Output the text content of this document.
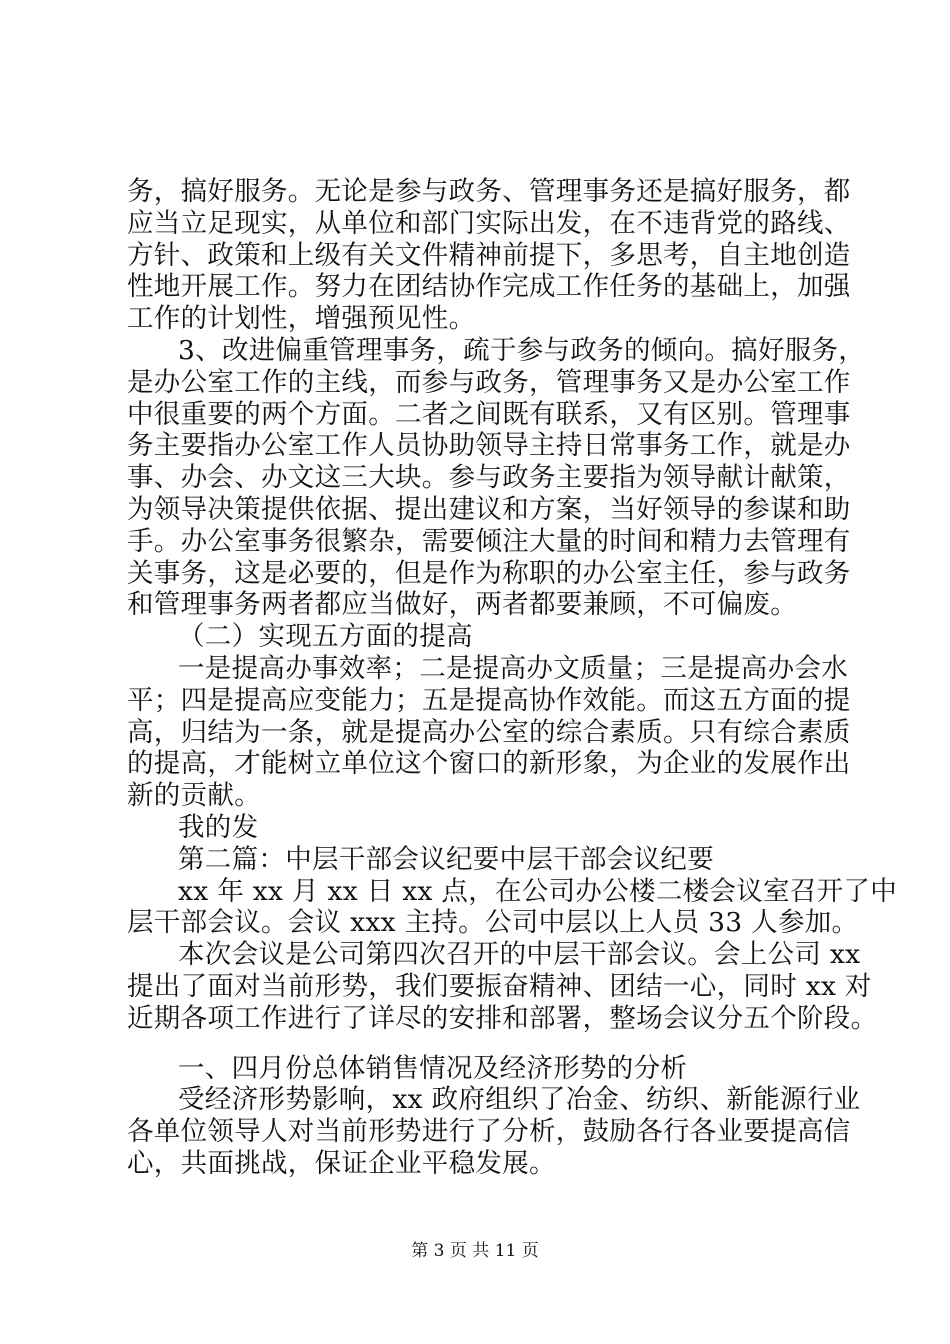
务，搞好服务。无论是参与政务、管理事务还是搞好服务，都
应当立足现实，从单位和部门实际出发，在不违背党的路线、
方针、政策和上级有关文件精神前提下，多思考，自主地创造
性地开展工作。努力在团结协作完成工作任务的基础上，加强
工作的计划性，增强预见性。
3、改进偏重管理事务，疏于参与政务的倾向。搞好服务，
是办公室工作的主线，而参与政务，管理事务又是办公室工作
中很重要的两个方面。二者之间既有联系，又有区别。管理事
务主要指办公室工作人员协助领导主持日常事务工作，就是办
事、办会、办文这三大块。参与政务主要指为领导献计献策，
为领导决策提供依据、提出建议和方案，当好领导的参谋和助
手。办公室事务很繁杂，需要倾注大量的时间和精力去管理有
关事务，这是必要的，但是作为称职的办公室主任，参与政务
和管理事务两者都应当做好，两者都要兼顾，不可偏废。
（二）实现五方面的提高
一是提高办事效率；二是提高办文质量；三是提高办会水
平；四是提高应变能力；五是提高协作效能。而这五方面的提
高，归结为一条，就是提高办公室的综合素质。只有综合素质
的提高，才能树立单位这个窗口的新形象，为企业的发展作出
新的贡献。
我的发
第二篇：中层干部会议纪要中层干部会议纪要
xx 年 xx 月 xx 日 xx 点，在公司办公楼二楼会议室召开了中
层干部会议。会议 xxx 主持。公司中层以上人员 33 人参加。
本次会议是公司第四次召开的中层干部会议。会上公司 xx
提出了面对当前形势，我们要振奋精神、团结一心，同时 xx 对
近期各项工作进行了详尽的安排和部署，整场会议分五个阶段。
一、四月份总体销售情况及经济形势的分析
受经济形势影响，xx 政府组织了冶金、纺织、新能源行业
各单位领导人对当前形势进行了分析，鼓励各行各业要提高信
心，共面挑战，保证企业平稳发展。
第 3 页 共 11 页
